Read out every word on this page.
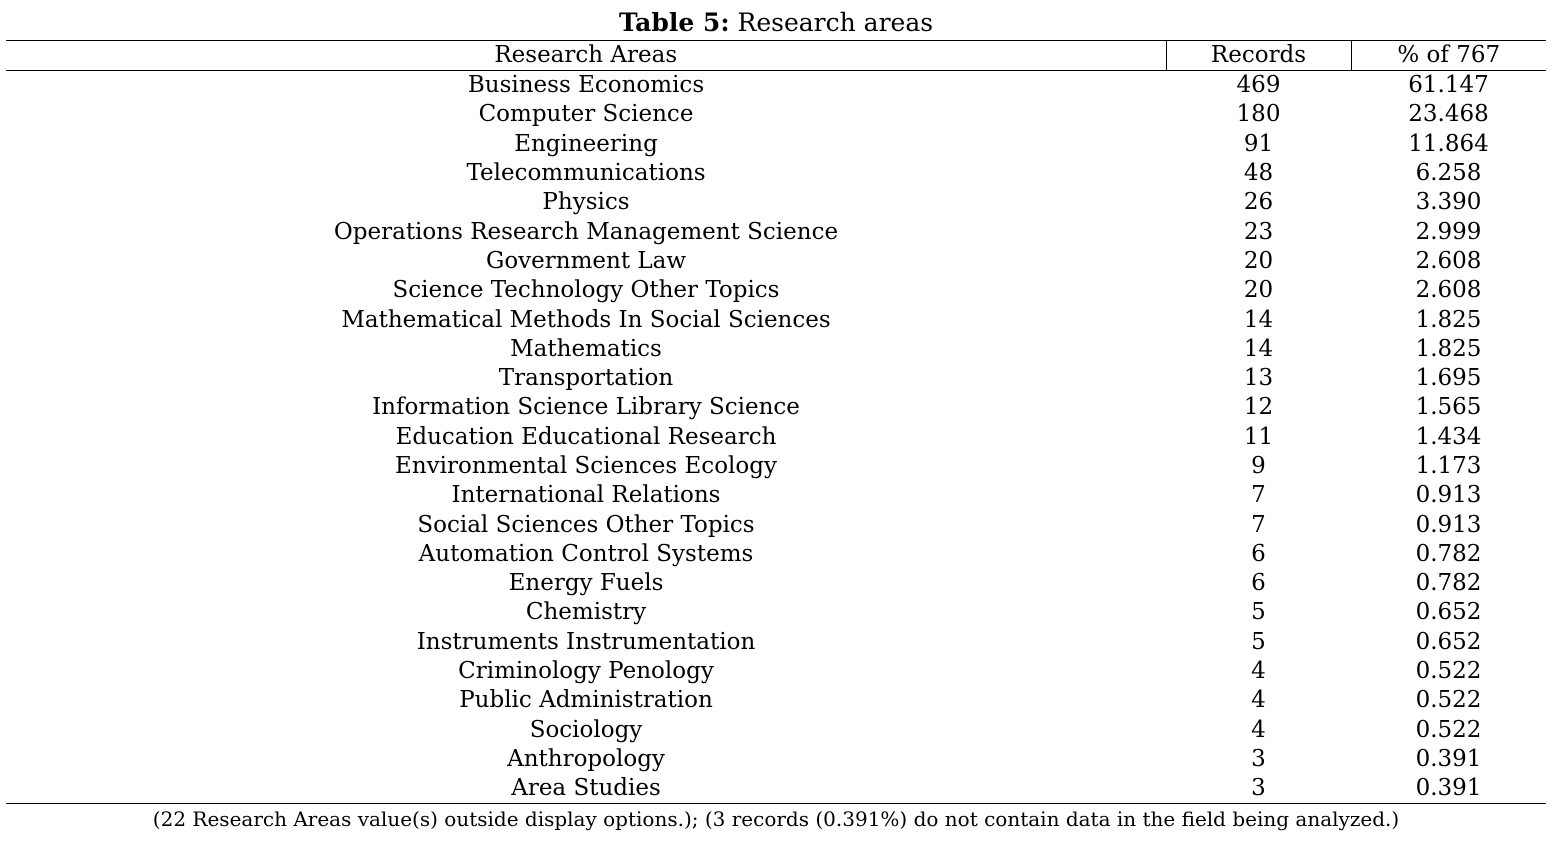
Table 5: Research areas
Research Areas	Records	% of 767
Business Economics	469	61.147
Computer Science	180	23.468
Engineering	91	11.864
Telecommunications	48	6.258
Physics	26	3.390
Operations Research Management Science	23	2.999
Government Law	20	2.608
Science Technology Other Topics	20	2.608
Mathematical Methods In Social Sciences	14	1.825
Mathematics	14	1.825
Transportation	13	1.695
Information Science Library Science	12	1.565
Education Educational Research	11	1.434
Environmental Sciences Ecology	9	1.173
International Relations	7	0.913
Social Sciences Other Topics	7	0.913
Automation Control Systems	6	0.782
Energy Fuels	6	0.782
Chemistry	5	0.652
Instruments Instrumentation	5	0.652
Criminology Penology	4	0.522
Public Administration	4	0.522
Sociology	4	0.522
Anthropology	3	0.391
Area Studies	3	0.391
(22 Research Areas value(s) outside display options.); (3 records (0.391%) do not contain data in the field being analyzed.)
